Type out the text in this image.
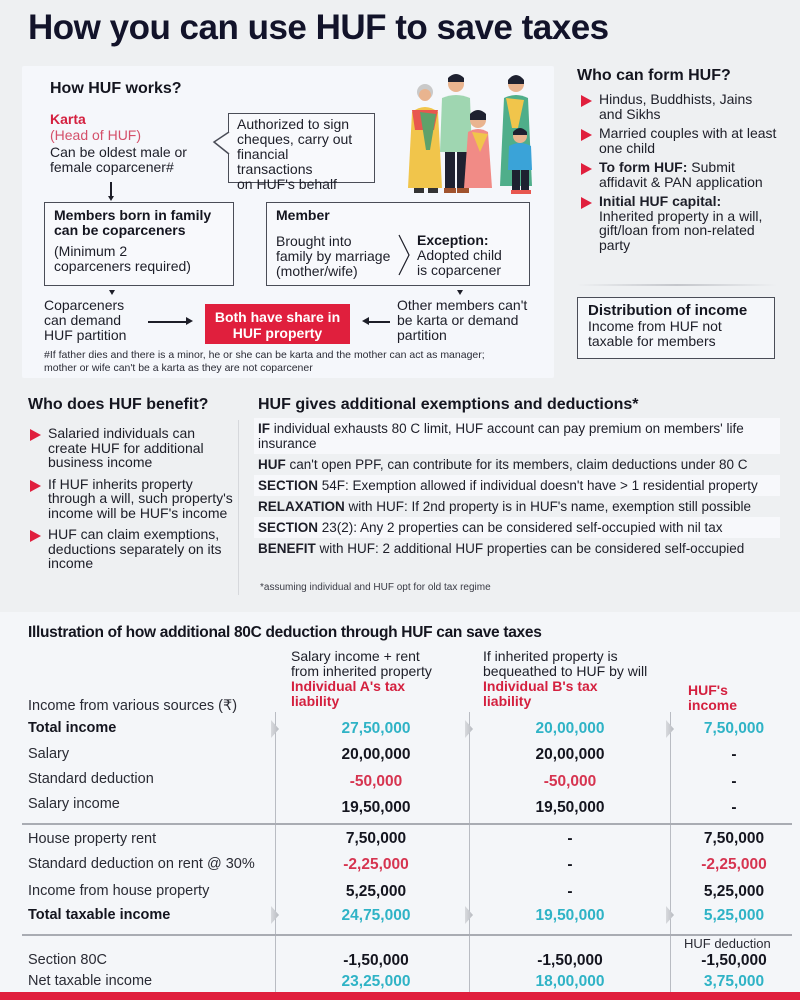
How you can use HUF to save taxes
How HUF works?
Karta
(Head of HUF)
Can be oldest male or
female coparcener#
Authorized to sign
cheques, carry out
financial transactions
on HUF's behalf
Members born in family
can be coparceners
(Minimum 2
coparceners required)
Member
Brought into
family by marriage
(mother/wife)
Exception:
Adopted child
is coparcener
Coparceners
can demand
HUF partition
Both have share in
HUF property
Other members can't
be karta or demand
partition
#If father dies and there is a minor, he or she can be karta and the mother can act as manager;
mother or wife can't be a karta as they are not coparcener
Who can form HUF?
Hindus, Buddhists, Jains and Sikhs
Married couples with at least one child
To form HUF: Submit affidavit & PAN application
Initial HUF capital: Inherited property in a will, gift/loan from non-related party
Distribution of income
Income from HUF not
taxable for members
Who does HUF benefit?
Salaried individuals can create HUF for additional business income
If HUF inherits property through a will, such property's income will be HUF's income
HUF can claim exemptions, deductions separately on its income
HUF gives additional exemptions and deductions*
IF individual exhausts 80 C limit, HUF account can pay premium on members' life insurance
HUF can't open PPF, can contribute for its members, claim deductions under 80 C
SECTION 54F: Exemption allowed if individual doesn't have > 1 residential property
RELAXATION with HUF: If 2nd property is in HUF's name, exemption still possible
SECTION 23(2): Any 2 properties can be considered self-occupied with nil tax
BENEFIT with HUF: 2 additional HUF properties can be considered self-occupied
*assuming individual and HUF opt for old tax regime
Illustration of how additional 80C deduction through HUF can save taxes
Salary income + rent
from inherited property
Individual A's tax
liability
If inherited property is
bequeathed to HUF by will
Individual B's tax
liability
HUF's
income
Income from various sources (₹)
Total income	27,50,000	20,00,000	7,50,000
Salary	20,00,000	20,00,000	-
Standard deduction	-50,000	-50,000	-
Salary income	19,50,000	19,50,000	-
House property rent	7,50,000	-	7,50,000
Standard deduction on rent @ 30%	-2,25,000	-	-2,25,000
Income from house property	5,25,000	-	5,25,000
Total taxable income	24,75,000	19,50,000	5,25,000
HUF deduction
Section 80C	-1,50,000	-1,50,000	-1,50,000
Net taxable income	23,25,000	18,00,000	3,75,000
